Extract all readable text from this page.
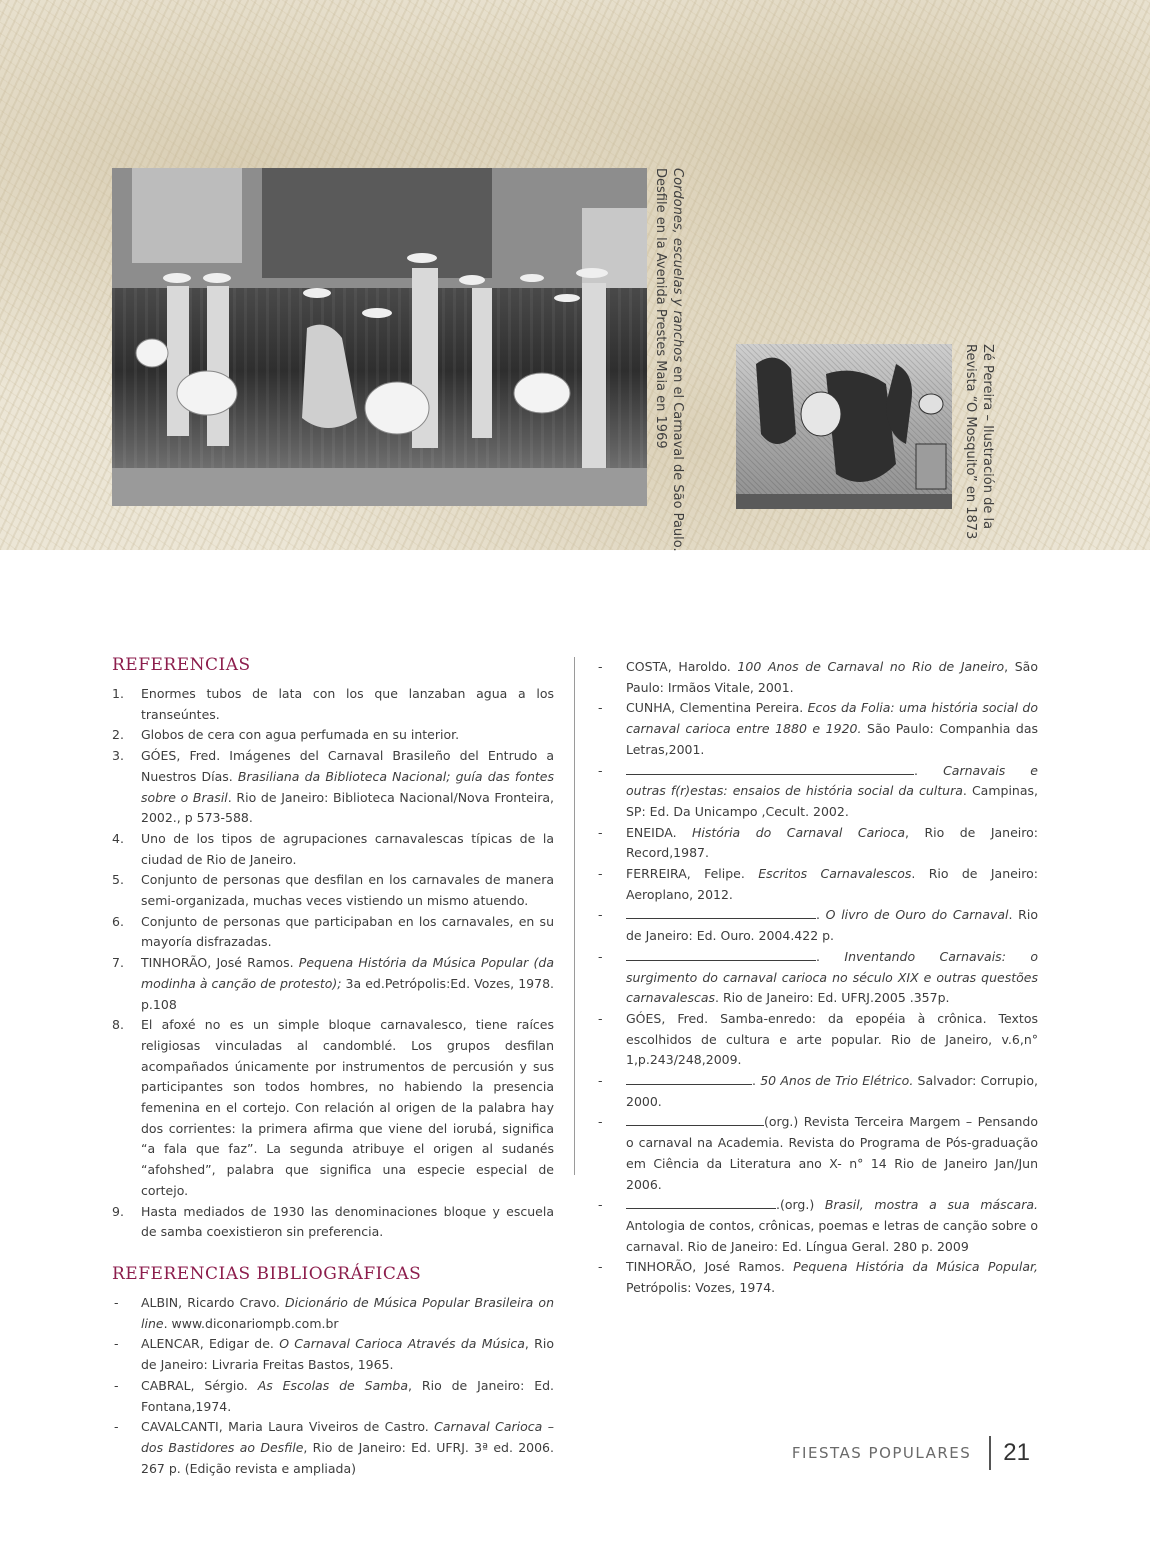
Cordones, escuelas y ranchos en el Carnaval de São Paulo.
Desfile en la Avenida Prestes Maia en 1969	Zé Pereira – Ilustración de la
Revista “O Mosquito” en 1873
REFERENCIAS
1. Enormes tubos de lata con los que lanzaban agua a los transeúntes.
2. Globos de cera con agua perfumada en su interior.
3. GÓES, Fred. Imágenes del Carnaval Brasileño del Entrudo a Nuestros Días. Brasiliana da Biblioteca Nacional; guía das fontes sobre o Brasil. Rio de Janeiro: Biblioteca Nacional/Nova Fronteira, 2002., p 573-588.
4. Uno de los tipos de agrupaciones carnavalescas típicas de la ciudad de Rio de Janeiro.
5. Conjunto de personas que desfilan en los carnavales de manera semi-organizada, muchas veces vistiendo un mismo atuendo.
6. Conjunto de personas que participaban en los carnavales, en su mayoría disfrazadas.
7. TINHORÃO, José Ramos. Pequena História da Música Popular (da modinha à canção de protesto); 3a ed.Petrópolis:Ed. Vozes, 1978. p.108
8. El afoxé no es un simple bloque carnavalesco, tiene raíces religiosas vinculadas al candomblé. Los grupos desfilan acompañados únicamente por instrumentos de percusión y sus participantes son todos hombres, no habiendo la presencia femenina en el cortejo. Con relación al origen de la palabra hay dos corrientes: la primera afirma que viene del iorubá, significa “a fala que faz”. La segunda atribuye el origen al sudanés “afohshed”, palabra que significa una especie especial de cortejo.
9. Hasta mediados de 1930 las denominaciones bloque y escuela de samba coexistieron sin preferencia.
REFERENCIAS BIBLIOGRÁFICAS
- ALBIN, Ricardo Cravo. Dicionário de Música Popular Brasileira on line. www.diconariompb.com.br
- ALENCAR, Edigar de. O Carnaval Carioca Através da Música, Rio de Janeiro: Livraria Freitas Bastos, 1965.
- CABRAL, Sérgio. As Escolas de Samba, Rio de Janeiro: Ed. Fontana,1974.
- CAVALCANTI, Maria Laura Viveiros de Castro. Carnaval Carioca – dos Bastidores ao Desfile, Rio de Janeiro: Ed. UFRJ. 3ª ed. 2006. 267 p. (Edição revista e ampliada)
- COSTA, Haroldo. 100 Anos de Carnaval no Rio de Janeiro, São Paulo: Irmãos Vitale, 2001.
- CUNHA, Clementina Pereira. Ecos da Folia: uma história social do carnaval carioca entre 1880 e 1920. São Paulo: Companhia das Letras,2001.
-	. Carnavais e outras f(r)estas: ensaios de história social da cultura. Campinas, SP: Ed. Da Unicampo ,Cecult. 2002.
- ENEIDA. História do Carnaval Carioca, Rio de Janeiro: Record,1987.
- FERREIRA, Felipe. Escritos Carnavalescos. Rio de Janeiro: Aeroplano, 2012.
-	. O livro de Ouro do Carnaval. Rio de Janeiro: Ed. Ouro. 2004.422 p.
-	. Inventando Carnavais: o surgimento do carnaval carioca no século XIX e outras questões carnavalescas. Rio de Janeiro: Ed. UFRJ.2005 .357p.
- GÓES, Fred. Samba-enredo: da epopéia à crônica. Textos escolhidos de cultura e arte popular. Rio de Janeiro, v.6,n° 1,p.243/248,2009.
-	. 50 Anos de Trio Elétrico. Salvador: Corrupio, 2000.
-	(org.) Revista Terceira Margem – Pensando o carnaval na Academia. Revista do Programa de Pós-graduação em Ciência da Literatura ano X- n° 14 Rio de Janeiro Jan/Jun 2006.
-	.(org.) Brasil, mostra a sua máscara. Antologia de contos, crônicas, poemas e letras de canção sobre o carnaval. Rio de Janeiro: Ed. Língua Geral. 280 p. 2009
- TINHORÃO, José Ramos. Pequena História da Música Popular, Petrópolis: Vozes, 1974.
FIESTAS POPULARES 21
